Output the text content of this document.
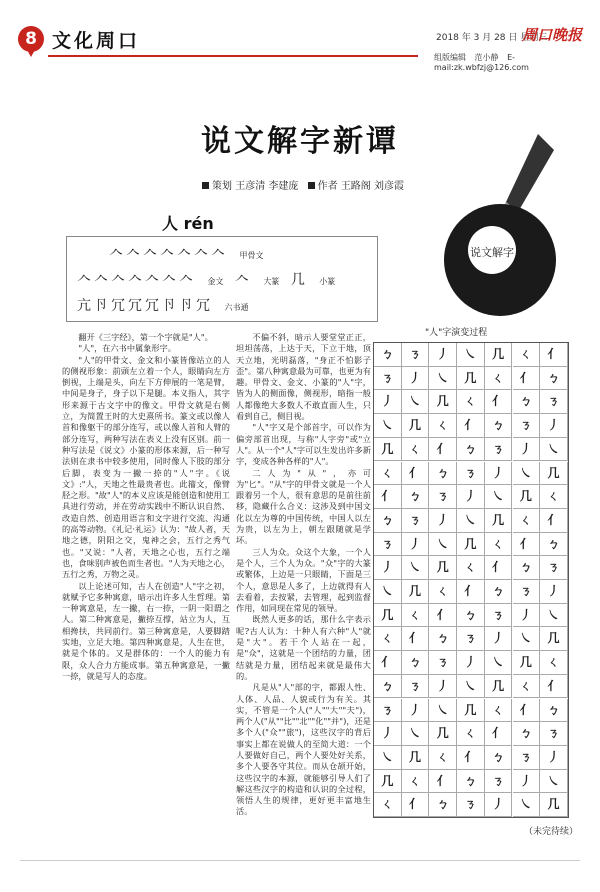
8 文化周口	2018 年 3 月 28 日 星期三
周口晚报
组版编辑 范小静 E-mail:zk.wbfzj@126.com
说文解字新谭
策划 王彦清 李建庞 作者 王路阁 刘彦霞
人 rén
𠆢𠆢𠆢𠆢𠆢𠆢𠆢 甲骨文
𠆢𠆢𠆢𠆢𠆢𠆢𠆢 金文 𠆢 大篆 几 小篆
亢卪冗冗冗卪卪冗 六书通
说文解字
"人"字演变过程

翻开《三字经》，第一个字就是"人"。

"人"，在六书中属象形字。

"人"的甲骨文、金文和小篆皆像站立的人的侧视形象：前頭左立着一个人，眼睛向左方倒视，上端是头，向左下方伸展的一笔是臂，中间是身子，身子以下是腿。本义指人，其字形来源于古文字中的像文。甲骨文就是右侧立，为简置王时的大史熹所书。篆文或以像人首和像躯干的部分连写，或以像人首和人臂的部分连写，两种写法在表义上没有区别。前一种写法是《说文》小篆的形体来源，后一种写法则在隶书中较多使用，同时像人下肢的部分后脚，表变为一撇一捺的"人"字。《说文》:"人，天地之性最贵者也。此籀文，像臂胫之形。"故"人"的本义应该是能创造和使用工具进行劳动，并在劳动实践中不断认识自然、改造自然、创造用语言和文字进行交流、沟通的高等动物。《礼记·礼运》认为："故人者，天地之德，阴阳之交，鬼神之会，五行之秀气也。"又说："人者，天地之心也，五行之端也，食味别声被色而生者也。"人为天地之心，五行之秀，万物之灵。

以上论述可知，古人在创造"人"字之初，就赋予它多种寓意，暗示出许多人生哲理。第一种寓意是，左一撇，右一捺，一阴一阳谓之人。第二种寓意是，撇捺互撑，站立为人，互相搀扶，共同前行。第三种寓意是，人要脚踏实地，立足大地。第四种寓意是，人生在世，就是个体的。又是群体的：一个人的能力有限，众人合力方能成事。第五种寓意是，一撇一捺，就是写人的态度。

不偏不斜，暗示人要堂堂正正，坦坦荡荡，上达于天，下立于地，顶天立地，光明磊落，"身正不怕影子歪"。第八种寓意最为可靠，也更为有趣。甲骨文、金文、小篆的"人"字，皆为人的侧面像，侧视形，暗指一般人都像绝大多数人不敢直面人生，只看到自己，侧目视。

"人"字又是个部首字，可以作为偏旁部首出现，与称"人字旁"或"立人"。从一个"人"字可以生发出许多新字，变成各种各样的"人"。

二人为"从"，亦可为"匕"。"从"字的甲骨文就是一个人跟着另一个人，很有意思的是前往前移，隐藏什么合义：这涉及到中国文化以左为尊的中国传统，中国人以左为贵，以左为上，朝左跟随就是学坏。

三人为众。众这个大象，一个人是个人，三个人为众。"众"字的大篆或繁体，上边是一只眼睛，下面是三个人，意思是人多了，上边就得有人去看着，去按紧，去管理，起到监督作用，如同现在常见的领导。

既然人更多的话，那什么字表示呢?古人认为：十种人有六种"人"就是"大"。若干个人站在一起，是"众"，这就是一个团结的力量，团结就是力量，团结起来就是最伟大的。

凡是从"人"部的字，都跟人性、人体、人品、人貌或行为有关。其实，不管是一个人("人""大""夫")，两个人("从""比""北""化""并")，还是多个人("众""旅")，这些汉字的背后事实上都在说做人的至简大道：一个人要做好自己，两个人要处好关系，多个人要各守其位。而从仓颉开始，这些汉字的本源，就能够引导人们了解这些汉字的构造和认识的全过程，领悟人生的规律，更好更丰富地生活。

ㄅ	ㄋ	丿	㇏	几	ㄑ	亻
ㄋ	丿	㇏	几	ㄑ	亻	ㄅ
丿	㇏	几	ㄑ	亻	ㄅ	ㄋ
㇏	几	ㄑ	亻	ㄅ	ㄋ	丿
几	ㄑ	亻	ㄅ	ㄋ	丿	㇏
ㄑ	亻	ㄅ	ㄋ	丿	㇏	几
亻	ㄅ	ㄋ	丿	㇏	几	ㄑ
ㄅ	ㄋ	丿	㇏	几	ㄑ	亻
ㄋ	丿	㇏	几	ㄑ	亻	ㄅ
丿	㇏	几	ㄑ	亻	ㄅ	ㄋ
㇏	几	ㄑ	亻	ㄅ	ㄋ	丿
几	ㄑ	亻	ㄅ	ㄋ	丿	㇏
ㄑ	亻	ㄅ	ㄋ	丿	㇏	几
亻	ㄅ	ㄋ	丿	㇏	几	ㄑ
ㄅ	ㄋ	丿	㇏	几	ㄑ	亻
ㄋ	丿	㇏	几	ㄑ	亻	ㄅ
丿	㇏	几	ㄑ	亻	ㄅ	ㄋ
㇏	几	ㄑ	亻	ㄅ	ㄋ	丿
几	ㄑ	亻	ㄅ	ㄋ	丿	㇏
ㄑ	亻	ㄅ	ㄋ	丿	㇏	几
（未完待续）
